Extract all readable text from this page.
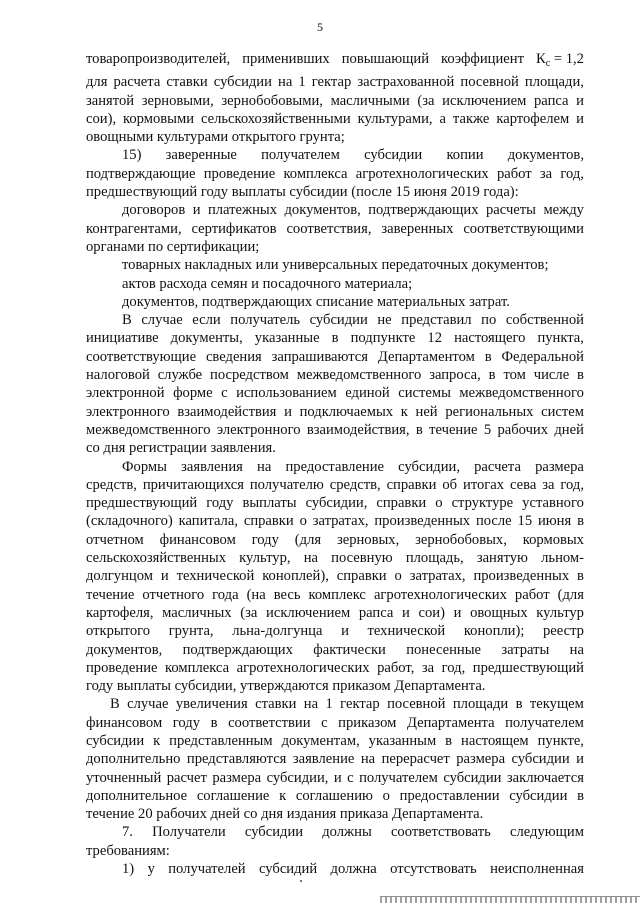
5
товаропроизводителей, применивших повышающий коэффициент $К_с = 1,2$
для расчета ставки субсидии на 1 гектар застрахованной посевной площади,
занятой зерновыми, зернобобовыми, масличными (за исключением рапса и
сои), кормовыми сельскохозяйственными культурами, а также картофелем и
овощными культурами открытого грунта;
15) заверенные получателем субсидии копии документов,
подтверждающие проведение комплекса агротехнологических работ за год,
предшествующий году выплаты субсидии (после 15 июня 2019 года):
договоров и платежных документов, подтверждающих расчеты между
контрагентами, сертификатов соответствия, заверенных соответствующими
органами по сертификации;
товарных накладных или универсальных передаточных документов;
актов расхода семян и посадочного материала;
документов, подтверждающих списание материальных затрат.
В случае если получатель субсидии не представил по собственной
инициативе документы, указанные в подпункте 12 настоящего пункта,
соответствующие сведения запрашиваются Департаментом в Федеральной
налоговой службе посредством межведомственного запроса, в том числе в
электронной форме с использованием единой системы межведомственного
электронного взаимодействия и подключаемых к ней региональных систем
межведомственного электронного взаимодействия, в течение 5 рабочих дней
со дня регистрации заявления.
Формы заявления на предоставление субсидии, расчета размера
средств, причитающихся получателю средств, справки об итогах сева за год,
предшествующий году выплаты субсидии, справки о структуре уставного
(складочного) капитала, справки о затратах, произведенных после 15 июня в
отчетном финансовом году (для зерновых, зернобобовых, кормовых
сельскохозяйственных культур, на посевную площадь, занятую льном-
долгунцом и технической коноплей), справки о затратах, произведенных в
течение отчетного года (на весь комплекс агротехнологических работ (для
картофеля, масличных (за исключением рапса и сои) и овощных культур
открытого грунта, льна-долгунца и технической конопли); реестр
документов, подтверждающих фактически понесенные затраты на
проведение комплекса агротехнологических работ, за год, предшествующий
году выплаты субсидии, утверждаются приказом Департамента.
В случае увеличения ставки на 1 гектар посевной площади в текущем
финансовом году в соответствии с приказом Департамента получателем
субсидии к представленным документам, указанным в настоящем пункте,
дополнительно представляются заявление на перерасчет размера субсидии и
уточненный расчет размера субсидии, и с получателем субсидии заключается
дополнительное соглашение к соглашению о предоставлении субсидии в
течение 20 рабочих дней со дня издания приказа Департамента.
7. Получатели субсидии должны соответствовать следующим
требованиям:
1) у получателей субсидий должна отсутствовать неисполненная
